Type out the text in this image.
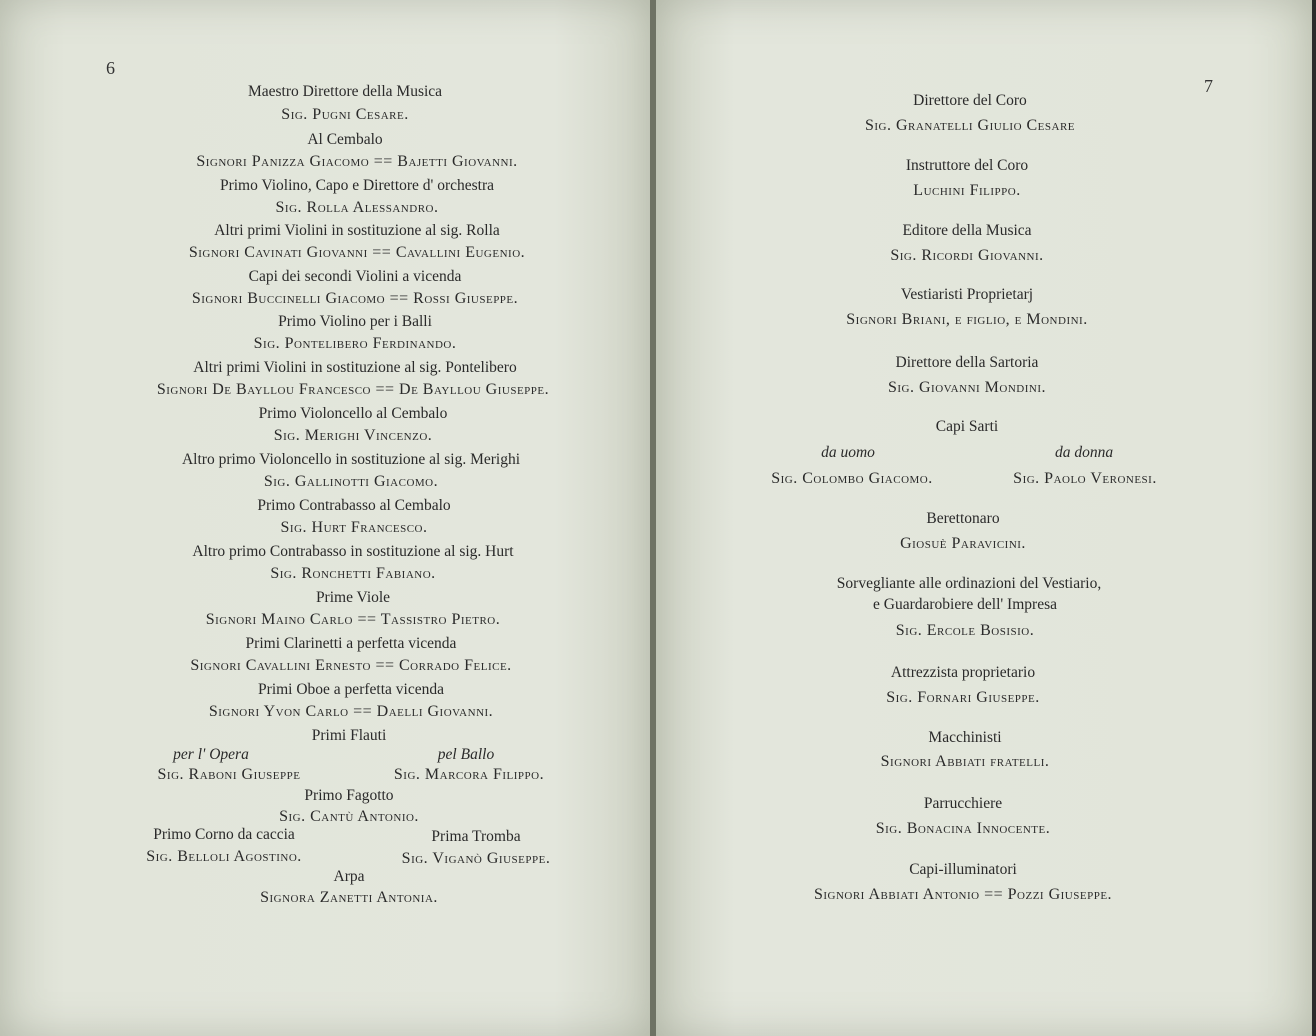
6
Maestro Direttore della Musica
Sig. Pugni Cesare.
Al Cembalo
Signori Panizza Giacomo == Bajetti Giovanni.
Primo Violino, Capo e Direttore d' orchestra
Sig. Rolla Alessandro.
Altri primi Violini in sostituzione al sig. Rolla
Signori Cavinati Giovanni == Cavallini Eugenio.
Capi dei secondi Violini a vicenda
Signori Buccinelli Giacomo == Rossi Giuseppe.
Primo Violino per i Balli
Sig. Pontelibero Ferdinando.
Altri primi Violini in sostituzione al sig. Pontelibero
Signori De Bayllou Francesco == De Bayllou Giuseppe.
Primo Violoncello al Cembalo
Sig. Merighi Vincenzo.
Altro primo Violoncello in sostituzione al sig. Merighi
Sig. Gallinotti Giacomo.
Primo Contrabasso al Cembalo
Sig. Hurt Francesco.
Altro primo Contrabasso in sostituzione al sig. Hurt
Sig. Ronchetti Fabiano.
Prime Viole
Signori Maino Carlo == Tassistro Pietro.
Primi Clarinetti a perfetta vicenda
Signori Cavallini Ernesto == Corrado Felice.
Primi Oboe a perfetta vicenda
Signori Yvon Carlo == Daelli Giovanni.
Primi Flauti
per l' Opera	pel Ballo
Sig. Raboni Giuseppe	Sig. Marcora Filippo.
Primo Fagotto
Sig. Cantù Antonio.
Primo Corno da caccia	Prima Tromba
Sig. Belloli Agostino.	Sig. Viganò Giuseppe.
Arpa
Signora Zanetti Antonia.
7
Direttore del Coro
Sig. Granatelli Giulio Cesare
Instruttore del Coro
Luchini Filippo.
Editore della Musica
Sig. Ricordi Giovanni.
Vestiaristi Proprietarj
Signori Briani, e figlio, e Mondini.
Direttore della Sartoria
Sig. Giovanni Mondini.
Capi Sarti
da uomo	da donna
Sig. Colombo Giacomo.	Sig. Paolo Veronesi.
Berettonaro
Giosuè Paravicini.
Sorvegliante alle ordinazioni del Vestiario,
e Guardarobiere dell' Impresa
Sig. Ercole Bosisio.
Attrezzista proprietario
Sig. Fornari Giuseppe.
Macchinisti
Signori Abbiati fratelli.
Parrucchiere
Sig. Bonacina Innocente.
Capi-illuminatori
Signori Abbiati Antonio == Pozzi Giuseppe.
